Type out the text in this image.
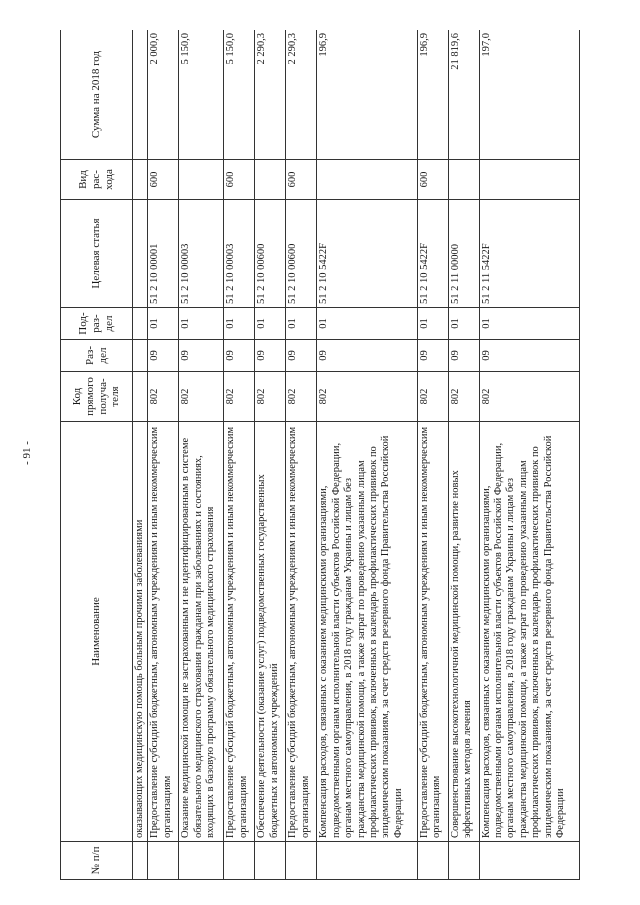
- 91 -
№ п/п	Наименование	Код прямого получа-теля	Раз-дел	Под-раз-дел	Целевая статья	Вид рас-хода	Сумма на 2018 год
	оказывающих медицинскую помощь больным прочими заболеваниями						
	Предоставление субсидий бюджетным, автономным учреждениям и иным некоммерческим организациям	802	09	01	51 2 10 00001	600	2 000,0
	Оказание медицинской помощи не застрахованным и не идентифицированным в системе обязательного медицинского страхования гражданам при заболеваниях и состояниях, входящих в базовую программу обязательного медицинского страхования	802	09	01	51 2 10 00003		5 150,0
	Предоставление субсидий бюджетным, автономным учреждениям и иным некоммерческим организациям	802	09	01	51 2 10 00003	600	5 150,0
	Обеспечение деятельности (оказание услуг) подведомственных государственных бюджетных и автономных учреждений	802	09	01	51 2 10 00600		2 290,3
	Предоставление субсидий бюджетным, автономным учреждениям и иным некоммерческим организациям	802	09	01	51 2 10 00600	600	2 290,3
	Компенсация расходов, связанных с оказанием медицинскими организациями, подведомственными органам исполнительной власти субъектов Российской Федерации, органам местного самоуправления, в 2018 году гражданам Украины и лицам без гражданства медицинской помощи, а также затрат по проведению указанным лицам профилактических прививок, включенных в календарь профилактических прививок по эпидемическим показаниям, за счет средств резервного фонда Правительства Российской Федерации	802	09	01	51 2 10 5422F		196,9
	Предоставление субсидий бюджетным, автономным учреждениям и иным некоммерческим организациям	802	09	01	51 2 10 5422F	600	196,9
	Совершенствование высокотехнологичной медицинской помощи, развитие новых эффективных методов лечения	802	09	01	51 2 11 00000		21 819,6
	Компенсация расходов, связанных с оказанием медицинскими организациями, подведомственными органам исполнительной власти субъектов Российской Федерации, органам местного самоуправления, в 2018 году гражданам Украины и лицам без гражданства медицинской помощи, а также затрат по проведению указанным лицам профилактических прививок, включенных в календарь профилактических прививок по эпидемическим показаниям, за счет средств резервного фонда Правительства Российской Федерации	802	09	01	51 2 11 5422F		197,0
